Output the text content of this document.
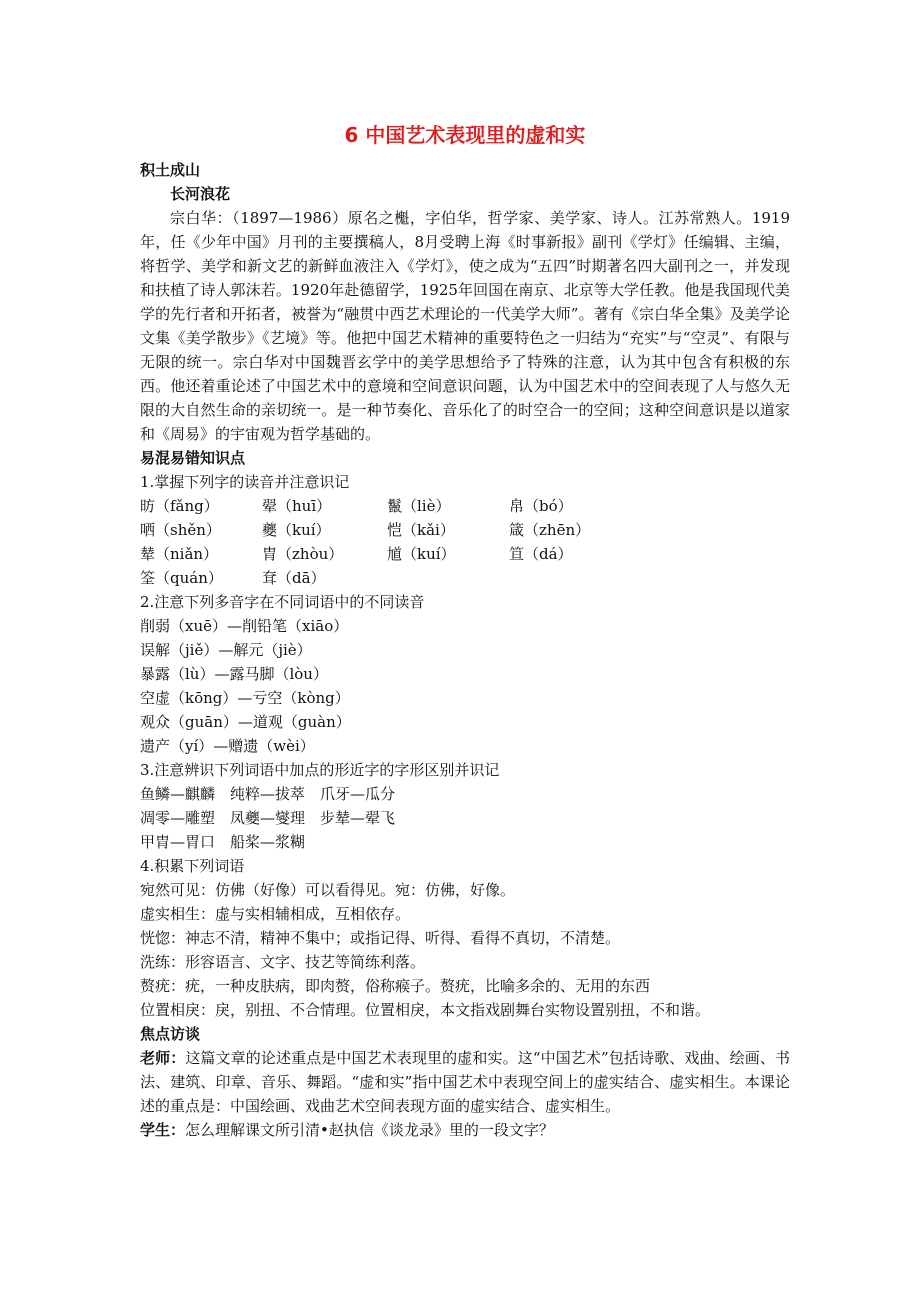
6 中国艺术表现里的虚和实
积土成山
长河浪花

宗白华：（1897—1986）原名之櫆，字伯华，哲学家、美学家、诗人。江苏常熟人。1919年，任《少年中国》月刊的主要撰稿人，8月受聘上海《时事新报》副刊《学灯》任编辑、主编，将哲学、美学和新文艺的新鲜血液注入《学灯》，使之成为“五四”时期著名四大副刊之一，并发现和扶植了诗人郭沫若。1920年赴德留学，1925年回国在南京、北京等大学任教。他是我国现代美学的先行者和开拓者，被誉为“融贯中西艺术理论的一代美学大师”。著有《宗白华全集》及美学论文集《美学散步》《艺境》等。他把中国艺术精神的重要特色之一归结为“充实”与“空灵”、有限与无限的统一。宗白华对中国魏晋玄学中的美学思想给予了特殊的注意，认为其中包含有积极的东西。他还着重论述了中国艺术中的意境和空间意识问题，认为中国艺术中的空间表现了人与悠久无限的大自然生命的亲切统一。是一种节奏化、音乐化了的时空合一的空间；这种空间意识是以道家和《周易》的宇宙观为哲学基础的。

易混易错知识点
1.掌握下列字的读音并注意识记
昉（fǎng）	翚（huī）	鬣（liè）	帛（bó）
哂（shěn）	夔（kuí）	恺（kǎi）	箴（zhēn）
辇（niǎn）	胄（zhòu）	馗（kuí）	笪（dá）
筌（quán）	耷（dā）
2.注意下列多音字在不同词语中的不同读音
削弱（xuē）—削铅笔（xiāo）
误解（jiě）—解元（jiè）
暴露（lù）—露马脚（lòu）
空虚（kōng）—亏空（kòng）
观众（guān）—道观（guàn）
遗产（yí）—赠遗（wèi）
3.注意辨识下列词语中加点的形近字的字形区别并识记
鱼鳞—麒麟　纯粹—拔萃　爪牙—瓜分
凋零—雕塑　凤夔—燮理　步辇—翚飞
甲胄—胃口　船桨—浆糊
4.积累下列词语
宛然可见：仿佛（好像）可以看得见。宛：仿佛，好像。
虚实相生：虚与实相辅相成，互相依存。
恍惚：神志不清，精神不集中；或指记得、听得、看得不真切，不清楚。
洗练：形容语言、文字、技艺等简练利落。
赘疣：疣，一种皮肤病，即肉赘，俗称瘊子。赘疣，比喻多余的、无用的东西
位置相戾：戾，别扭、不合情理。位置相戾，本文指戏剧舞台实物设置别扭，不和谐。
焦点访谈

老师：这篇文章的论述重点是中国艺术表现里的虚和实。这“中国艺术”包括诗歌、戏曲、绘画、书法、建筑、印章、音乐、舞蹈。“虚和实”指中国艺术中表现空间上的虚实结合、虚实相生。本课论述的重点是：中国绘画、戏曲艺术空间表现方面的虚实结合、虚实相生。

学生：怎么理解课文所引清•赵执信《谈龙录》里的一段文字？
